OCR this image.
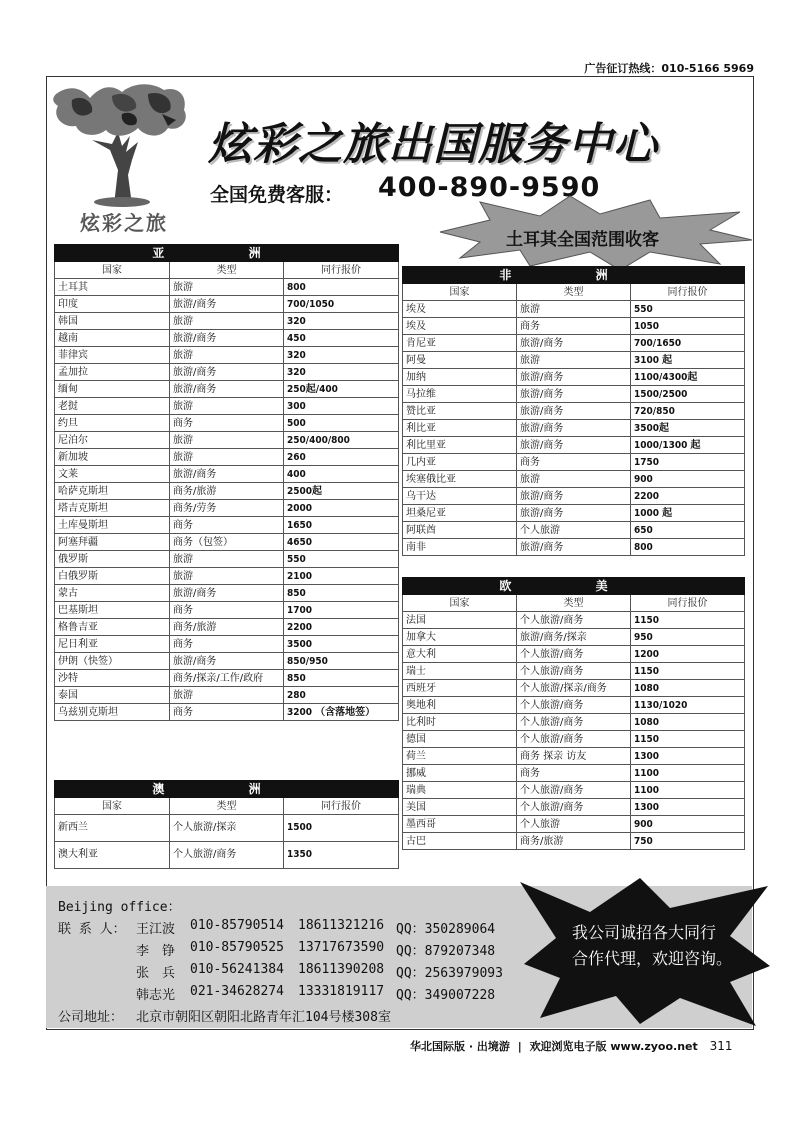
广告征订热线：010-5166 5969
炫彩之旅
炫彩之旅出国服务中心
全国免费客服： 400-890-9590
土耳其全国范围收客
亚 洲		
国家	类型	同行报价
土耳其	旅游	800
印度	旅游/商务	700/1050
韩国	旅游	320
越南	旅游/商务	450
菲律宾	旅游	320
孟加拉	旅游/商务	320
缅甸	旅游/商务	250起/400
老挝	旅游	300
约旦	商务	500
尼泊尔	旅游	250/400/800
新加坡	旅游	260
文莱	旅游/商务	400
哈萨克斯坦	商务/旅游	2500起
塔吉克斯坦	商务/劳务	2000
土库曼斯坦	商务	1650
阿塞拜疆	商务（包签）	4650
俄罗斯	旅游	550
白俄罗斯	旅游	2100
蒙古	旅游/商务	850
巴基斯坦	商务	1700
格鲁吉亚	商务/旅游	2200
尼日利亚	商务	3500
伊朗（快签）	旅游/商务	850/950
沙特	商务/探亲/工作/政府	850
泰国	旅游	280
乌兹别克斯坦	商务	3200 （含落地签）
澳 洲		
国家	类型	同行报价
新西兰	个人旅游/探亲	1500
澳大利亚	个人旅游/商务	1350
非 洲		
国家	类型	同行报价
埃及	旅游	550
埃及	商务	1050
肯尼亚	旅游/商务	700/1650
阿曼	旅游	3100 起
加纳	旅游/商务	1100/4300起
马拉维	旅游/商务	1500/2500
赞比亚	旅游/商务	720/850
利比亚	旅游/商务	3500起
利比里亚	旅游/商务	1000/1300 起
几内亚	商务	1750
埃塞俄比亚	旅游	900
乌干达	旅游/商务	2200
坦桑尼亚	旅游/商务	1000 起
阿联酋	个人旅游	650
南非	旅游/商务	800
欧 美		
国家	类型	同行报价
法国	个人旅游/商务	1150
加拿大	旅游/商务/探亲	950
意大利	个人旅游/商务	1200
瑞士	个人旅游/商务	1150
西班牙	个人旅游/探亲/商务	1080
奥地利	个人旅游/商务	1130/1020
比利时	个人旅游/商务	1080
德国	个人旅游/商务	1150
荷兰	商务 探亲 访友	1300
挪威	商务	1100
瑞典	个人旅游/商务	1100
美国	个人旅游/商务	1300
墨西哥	个人旅游	900
古巴	商务/旅游	750
Beijing office：
联 系 人： 王江波 010-85790514 18611321216 QQ：350289064
李　铮 010-85790525 13717673590 QQ：879207348
张　兵 010-56241384 18611390208 QQ：2563979093
韩志光 021-34628274 13331819117 QQ：349007228
公司地址： 北京市朝阳区朝阳北路青年汇104号楼308室
我公司诚招各大同行
合作代理，欢迎咨询。
华北国际版 · 出境游 | 欢迎浏览电子版 www.zyoo.net 311
